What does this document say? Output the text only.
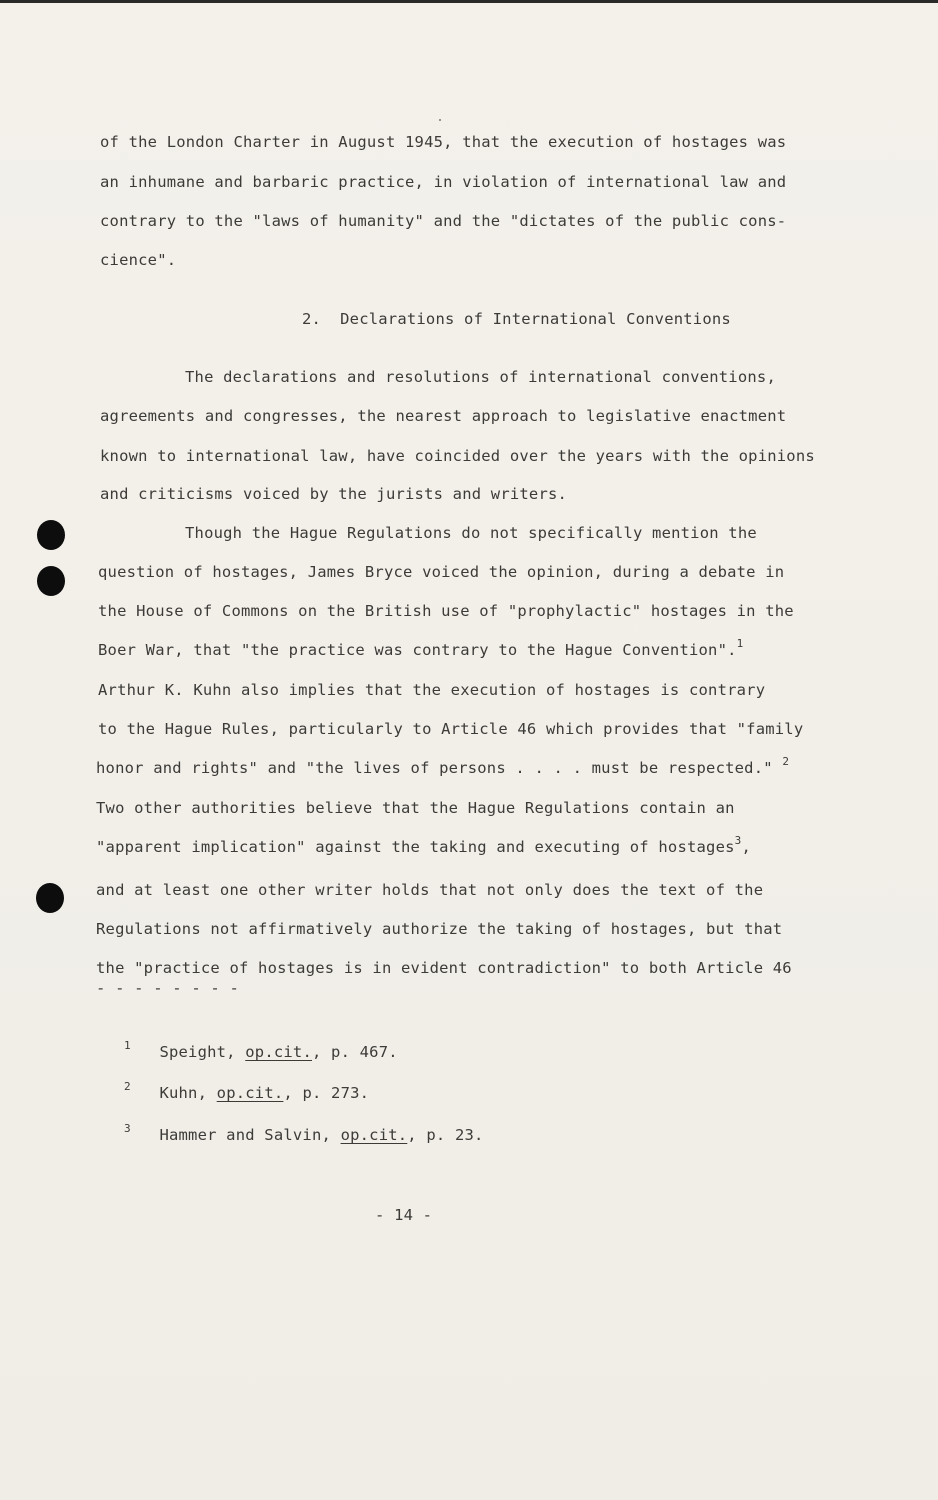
of the London Charter in August 1945, that the execution of hostages was
an inhumane and barbaric practice, in violation of international law and
contrary to the "laws of humanity" and the "dictates of the public cons-
cience".
2.  Declarations of International Conventions
The declarations and resolutions of international conventions,
agreements and congresses, the nearest approach to legislative enactment
known to international law, have coincided over the years with the opinions
and criticisms voiced by the jurists and writers.
Though the Hague Regulations do not specifically mention the
question of hostages, James Bryce voiced the opinion, during a debate in
the House of Commons on the British use of "prophylactic" hostages in the
Boer War, that "the practice was contrary to the Hague Convention".$^1$
Arthur K. Kuhn also implies that the execution of hostages is contrary
to the Hague Rules, particularly to Article 46 which provides that "family
honor and rights" and "the lives of persons . . . . must be respected." $^2$
Two other authorities believe that the Hague Regulations contain an
"apparent implication" against the taking and executing of hostages$^3$,
and at least one other writer holds that not only does the text of the
Regulations not affirmatively authorize the taking of hostages, but that
the "practice of hostages is in evident contradiction" to both Article 46
- - - - - - - -
$^1$ Speight, op.cit., p. 467.
$^2$ Kuhn, op.cit., p. 273.
$^3$ Hammer and Salvin, op.cit., p. 23.
- 14 -
